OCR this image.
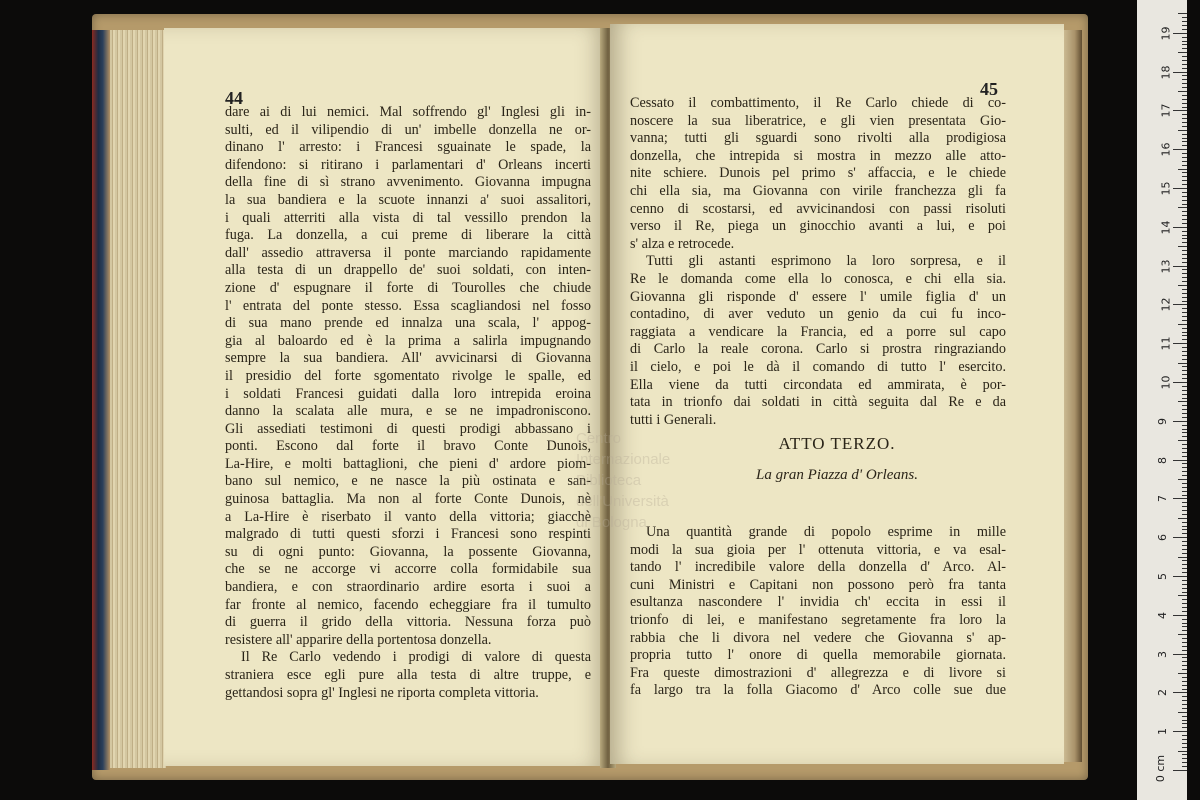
44
dare ai di lui nemici. Mal soffrendo gl' Inglesi gli in-
sulti, ed il vilipendio di un' imbelle donzella ne or-
dinano l' arresto: i Francesi sguainate le spade, la
difendono: si ritirano i parlamentari d' Orleans incerti
della fine di sì strano avvenimento. Giovanna impugna
la sua bandiera e la scuote innanzi a' suoi assalitori,
i quali atterriti alla vista di tal vessillo prendon la
fuga. La donzella, a cui preme di liberare la città
dall' assedio attraversa il ponte marciando rapidamente
alla testa di un drappello de' suoi soldati, con inten-
zione d' espugnare il forte di Tourolles che chiude
l' entrata del ponte stesso. Essa scagliandosi nel fosso
di sua mano prende ed innalza una scala, l' appog-
gia al baloardo ed è la prima a salirla impugnando
sempre la sua bandiera. All' avvicinarsi di Giovanna
il presidio del forte sgomentato rivolge le spalle, ed
i soldati Francesi guidati dalla loro intrepida eroina
danno la scalata alle mura, e se ne impadroniscono.
Gli assediati testimoni di questi prodigi abbassano i
ponti. Escono dal forte il bravo Conte Dunois,
La-Hire, e molti battaglioni, che pieni d' ardore piom-
bano sul nemico, e ne nasce la più ostinata e san-
guinosa battaglia. Ma non al forte Conte Dunois, nè
a La-Hire è riserbato il vanto della vittoria; giacchè
malgrado di tutti questi sforzi i Francesi sono respinti
su di ogni punto: Giovanna, la possente Giovanna,
che se ne accorge vi accorre colla formidabile sua
bandiera, e con straordinario ardire esorta i suoi a
far fronte al nemico, facendo echeggiare fra il tumulto
di guerra il grido della vittoria. Nessuna forza può
resistere all' apparire della portentosa donzella.
Il Re Carlo vedendo i prodigi di valore di questa
straniera esce egli pure alla testa di altre truppe, e
gettandosi sopra gl' Inglesi ne riporta completa vittoria.
45
Cessato il combattimento, il Re Carlo chiede di co-
noscere la sua liberatrice, e gli vien presentata Gio-
vanna; tutti gli sguardi sono rivolti alla prodigiosa
donzella, che intrepida si mostra in mezzo alle atto-
nite schiere. Dunois pel primo s' affaccia, e le chiede
chi ella sia, ma Giovanna con virile franchezza gli fa
cenno di scostarsi, ed avvicinandosi con passi risoluti
verso il Re, piega un ginocchio avanti a lui, e poi
s' alza e retrocede.
Tutti gli astanti esprimono la loro sorpresa, e il
Re le domanda come ella lo conosca, e chi ella sia.
Giovanna gli risponde d' essere l' umile figlia d' un
contadino, di aver veduto un genio da cui fu inco-
raggiata a vendicare la Francia, ed a porre sul capo
di Carlo la reale corona. Carlo si prostra ringraziando
il cielo, e poi le dà il comando di tutto l' esercito.
Ella viene da tutti circondata ed ammirata, è por-
tata in trionfo dai soldati in città seguita dal Re e da
tutti i Generali.
ATTO TERZO.
La gran Piazza d' Orleans.
Una quantità grande di popolo esprime in mille
modi la sua gioia per l' ottenuta vittoria, e va esal-
tando l' incredibile valore della donzella d' Arco. Al-
cuni Ministri e Capitani non possono però fra tanta
esultanza nascondere l' invidia ch' eccita in essi il
trionfo di lei, e manifestano segretamente fra loro la
rabbia che li divora nel vedere che Giovanna s' ap-
propria tutto l' onore di quella memorabile giornata.
Fra queste dimostrazioni d' allegrezza e di livore si
fa largo tra la folla Giacomo d' Arco colle sue due
Centro Internazionale
Biblioteca dell'Università
di Bologna
0 cm
1
2
3
4
5
6
7
8
9
10
11
12
13
14
15
16
17
18
19
